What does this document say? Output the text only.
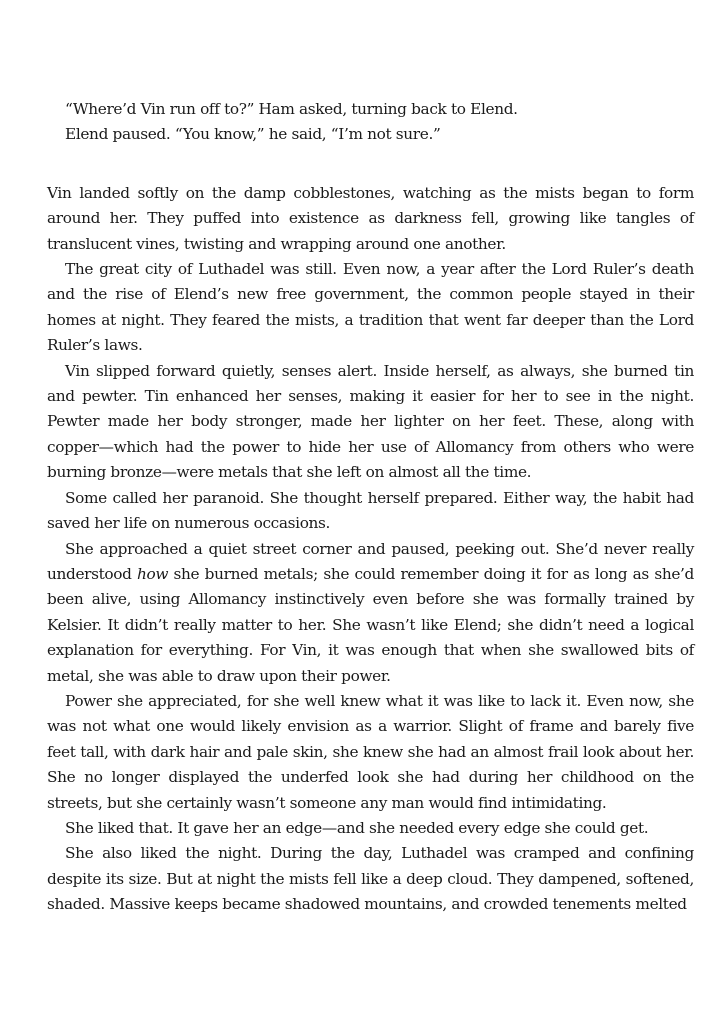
“Where’d Vin run off to?” Ham asked, turning back to Elend.

Elend paused. “You know,” he said, “I’m not sure.”

Vin landed softly on the damp cobblestones, watching as the mists began to form around her. They puffed into existence as darkness fell, growing like tangles of translucent vines, twisting and wrapping around one another.

The great city of Luthadel was still. Even now, a year after the Lord Ruler’s death and the rise of Elend’s new free government, the common people stayed in their homes at night. They feared the mists, a tradition that went far deeper than the Lord Ruler’s laws.

Vin slipped forward quietly, senses alert. Inside herself, as always, she burned tin and pewter. Tin enhanced her senses, making it easier for her to see in the night. Pewter made her body stronger, made her lighter on her feet. These, along with copper—which had the power to hide her use of Allomancy from others who were burning bronze—were metals that she left on almost all the time.

Some called her paranoid. She thought herself prepared. Either way, the habit had saved her life on numerous occasions.

She approached a quiet street corner and paused, peeking out. She’d never really understood how she burned metals; she could remember doing it for as long as she’d been alive, using Allomancy instinctively even before she was formally trained by Kelsier. It didn’t really matter to her. She wasn’t like Elend; she didn’t need a logical explanation for everything. For Vin, it was enough that when she swallowed bits of metal, she was able to draw upon their power.

Power she appreciated, for she well knew what it was like to lack it. Even now, she was not what one would likely envision as a warrior. Slight of frame and barely five feet tall, with dark hair and pale skin, she knew she had an almost frail look about her. She no longer displayed the underfed look she had during her childhood on the streets, but she certainly wasn’t someone any man would find intimidating.

She liked that. It gave her an edge—and she needed every edge she could get.

She also liked the night. During the day, Luthadel was cramped and confining despite its size. But at night the mists fell like a deep cloud. They dampened, softened, shaded. Massive keeps became shadowed mountains, and crowded tenements melted
